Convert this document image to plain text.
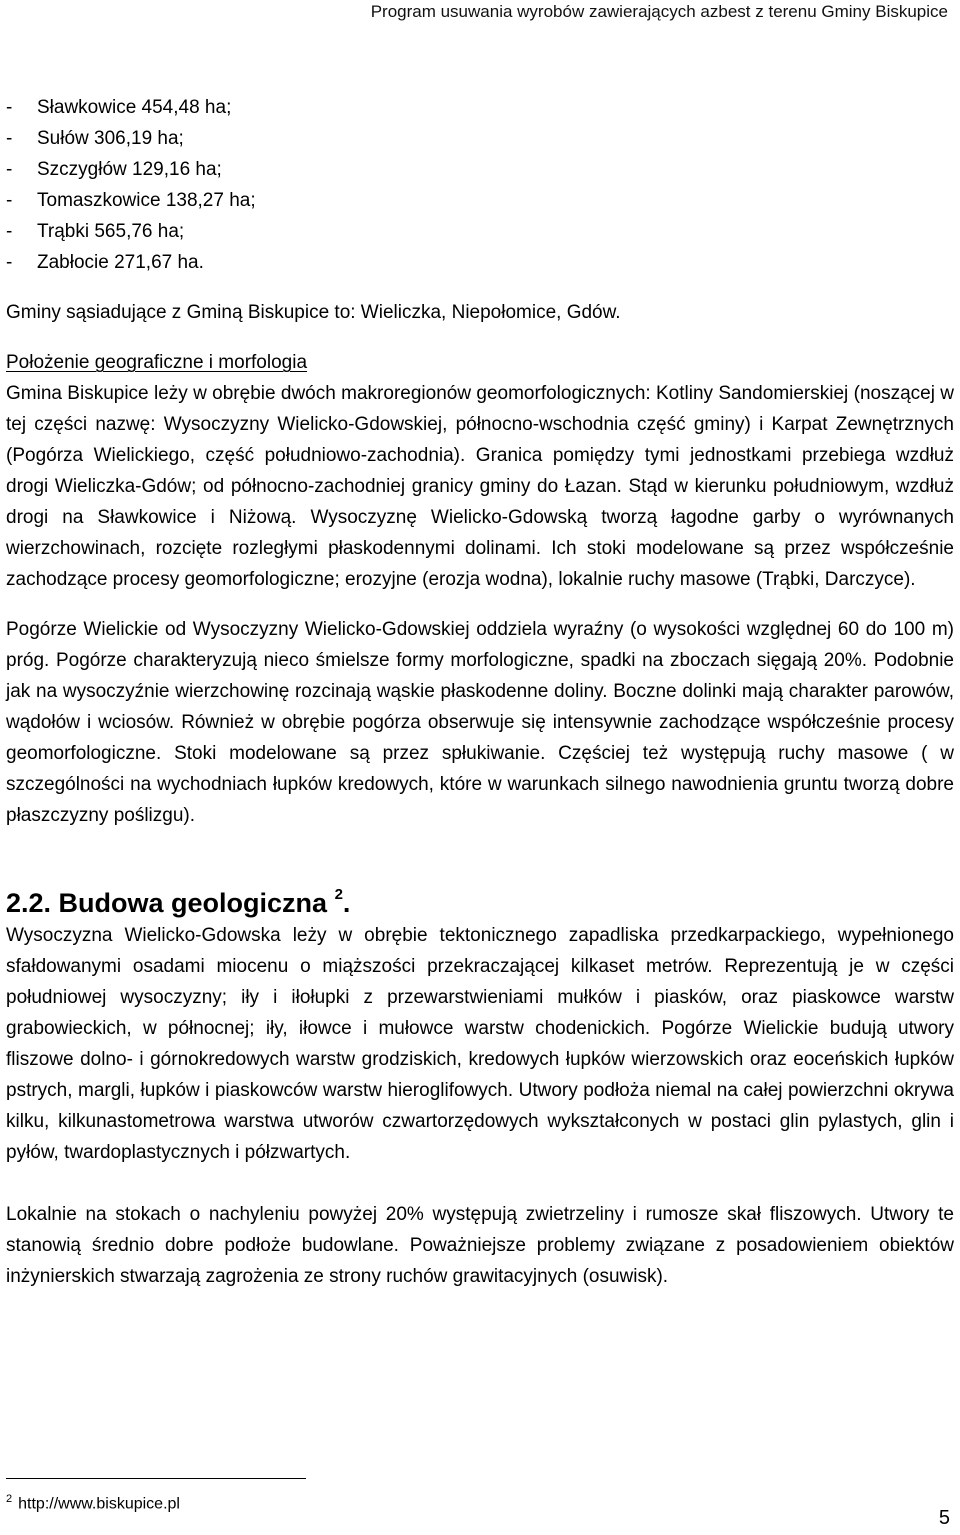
Program usuwania wyrobów zawierających azbest z terenu Gminy Biskupice
- Sławkowice 454,48 ha;
- Sułów 306,19 ha;
- Szczygłów 129,16 ha;
- Tomaszkowice 138,27 ha;
- Trąbki 565,76 ha;
- Zabłocie 271,67 ha.

Gminy sąsiadujące z Gminą Biskupice to: Wieliczka, Niepołomice, Gdów.

Położenie geograficzne i morfologia

Gmina Biskupice leży w obrębie dwóch makroregionów geomorfologicznych: Kotliny Sandomierskiej (noszącej w tej części nazwę: Wysoczyzny Wielicko-Gdowskiej, północno-wschodnia część gminy) i Karpat Zewnętrznych (Pogórza Wielickiego, część południowo-zachodnia). Granica pomiędzy tymi jednostkami przebiega wzdłuż drogi Wieliczka-Gdów; od północno-zachodniej granicy gminy do Łazan. Stąd w kierunku południowym, wzdłuż drogi na Sławkowice i Niżową. Wysoczyznę Wielicko-Gdowską tworzą łagodne garby o wyrównanych wierzchowinach, rozcięte rozległymi płaskodennymi dolinami. Ich stoki modelowane są przez współcześnie zachodzące procesy geomorfologiczne; erozyjne (erozja wodna), lokalnie ruchy masowe (Trąbki, Darczyce).

Pogórze Wielickie od Wysoczyzny Wielicko-Gdowskiej oddziela wyraźny (o wysokości względnej 60 do 100 m) próg. Pogórze charakteryzują nieco śmielsze formy morfologiczne, spadki na zboczach sięgają 20%. Podobnie jak na wysoczyźnie wierzchowinę rozcinają wąskie płaskodenne doliny. Boczne dolinki mają charakter parowów, wądołów i wciosów. Również w obrębie pogórza obserwuje się intensywnie zachodzące współcześnie procesy geomorfologiczne. Stoki modelowane są przez spłukiwanie. Częściej też występują ruchy masowe ( w szczególności na wychodniach łupków kredowych, które w warunkach silnego nawodnienia gruntu tworzą dobre płaszczyzny poślizgu).

2.2. Budowa geologiczna $^2$.

Wysoczyzna Wielicko-Gdowska leży w obrębie tektonicznego zapadliska przedkarpackiego, wypełnionego sfałdowanymi osadami miocenu o miąższości przekraczającej kilkaset metrów. Reprezentują je w części południowej wysoczyzny; iły i iłołupki z przewarstwieniami mułków i piasków, oraz piaskowce warstw grabowieckich, w północnej; iły, iłowce i mułowce warstw chodenickich. Pogórze Wielickie budują utwory fliszowe dolno- i górnokredowych warstw grodziskich, kredowych łupków wierzowskich oraz eoceńskich łupków pstrych, margli, łupków i piaskowców warstw hieroglifowych. Utwory podłoża niemal na całej powierzchni okrywa kilku, kilkunastometrowa warstwa utworów czwartorzędowych wykształconych w postaci glin pylastych, glin i pyłów, twardoplastycznych i półzwartych.

Lokalnie na stokach o nachyleniu powyżej 20% występują zwietrzeliny i rumosze skał fliszowych. Utwory te stanowią średnio dobre podłoże budowlane. Poważniejsze problemy związane z posadowieniem obiektów inżynierskich stwarzają zagrożenia ze strony ruchów grawitacyjnych (osuwisk).

$^2$ http://www.biskupice.pl
5
